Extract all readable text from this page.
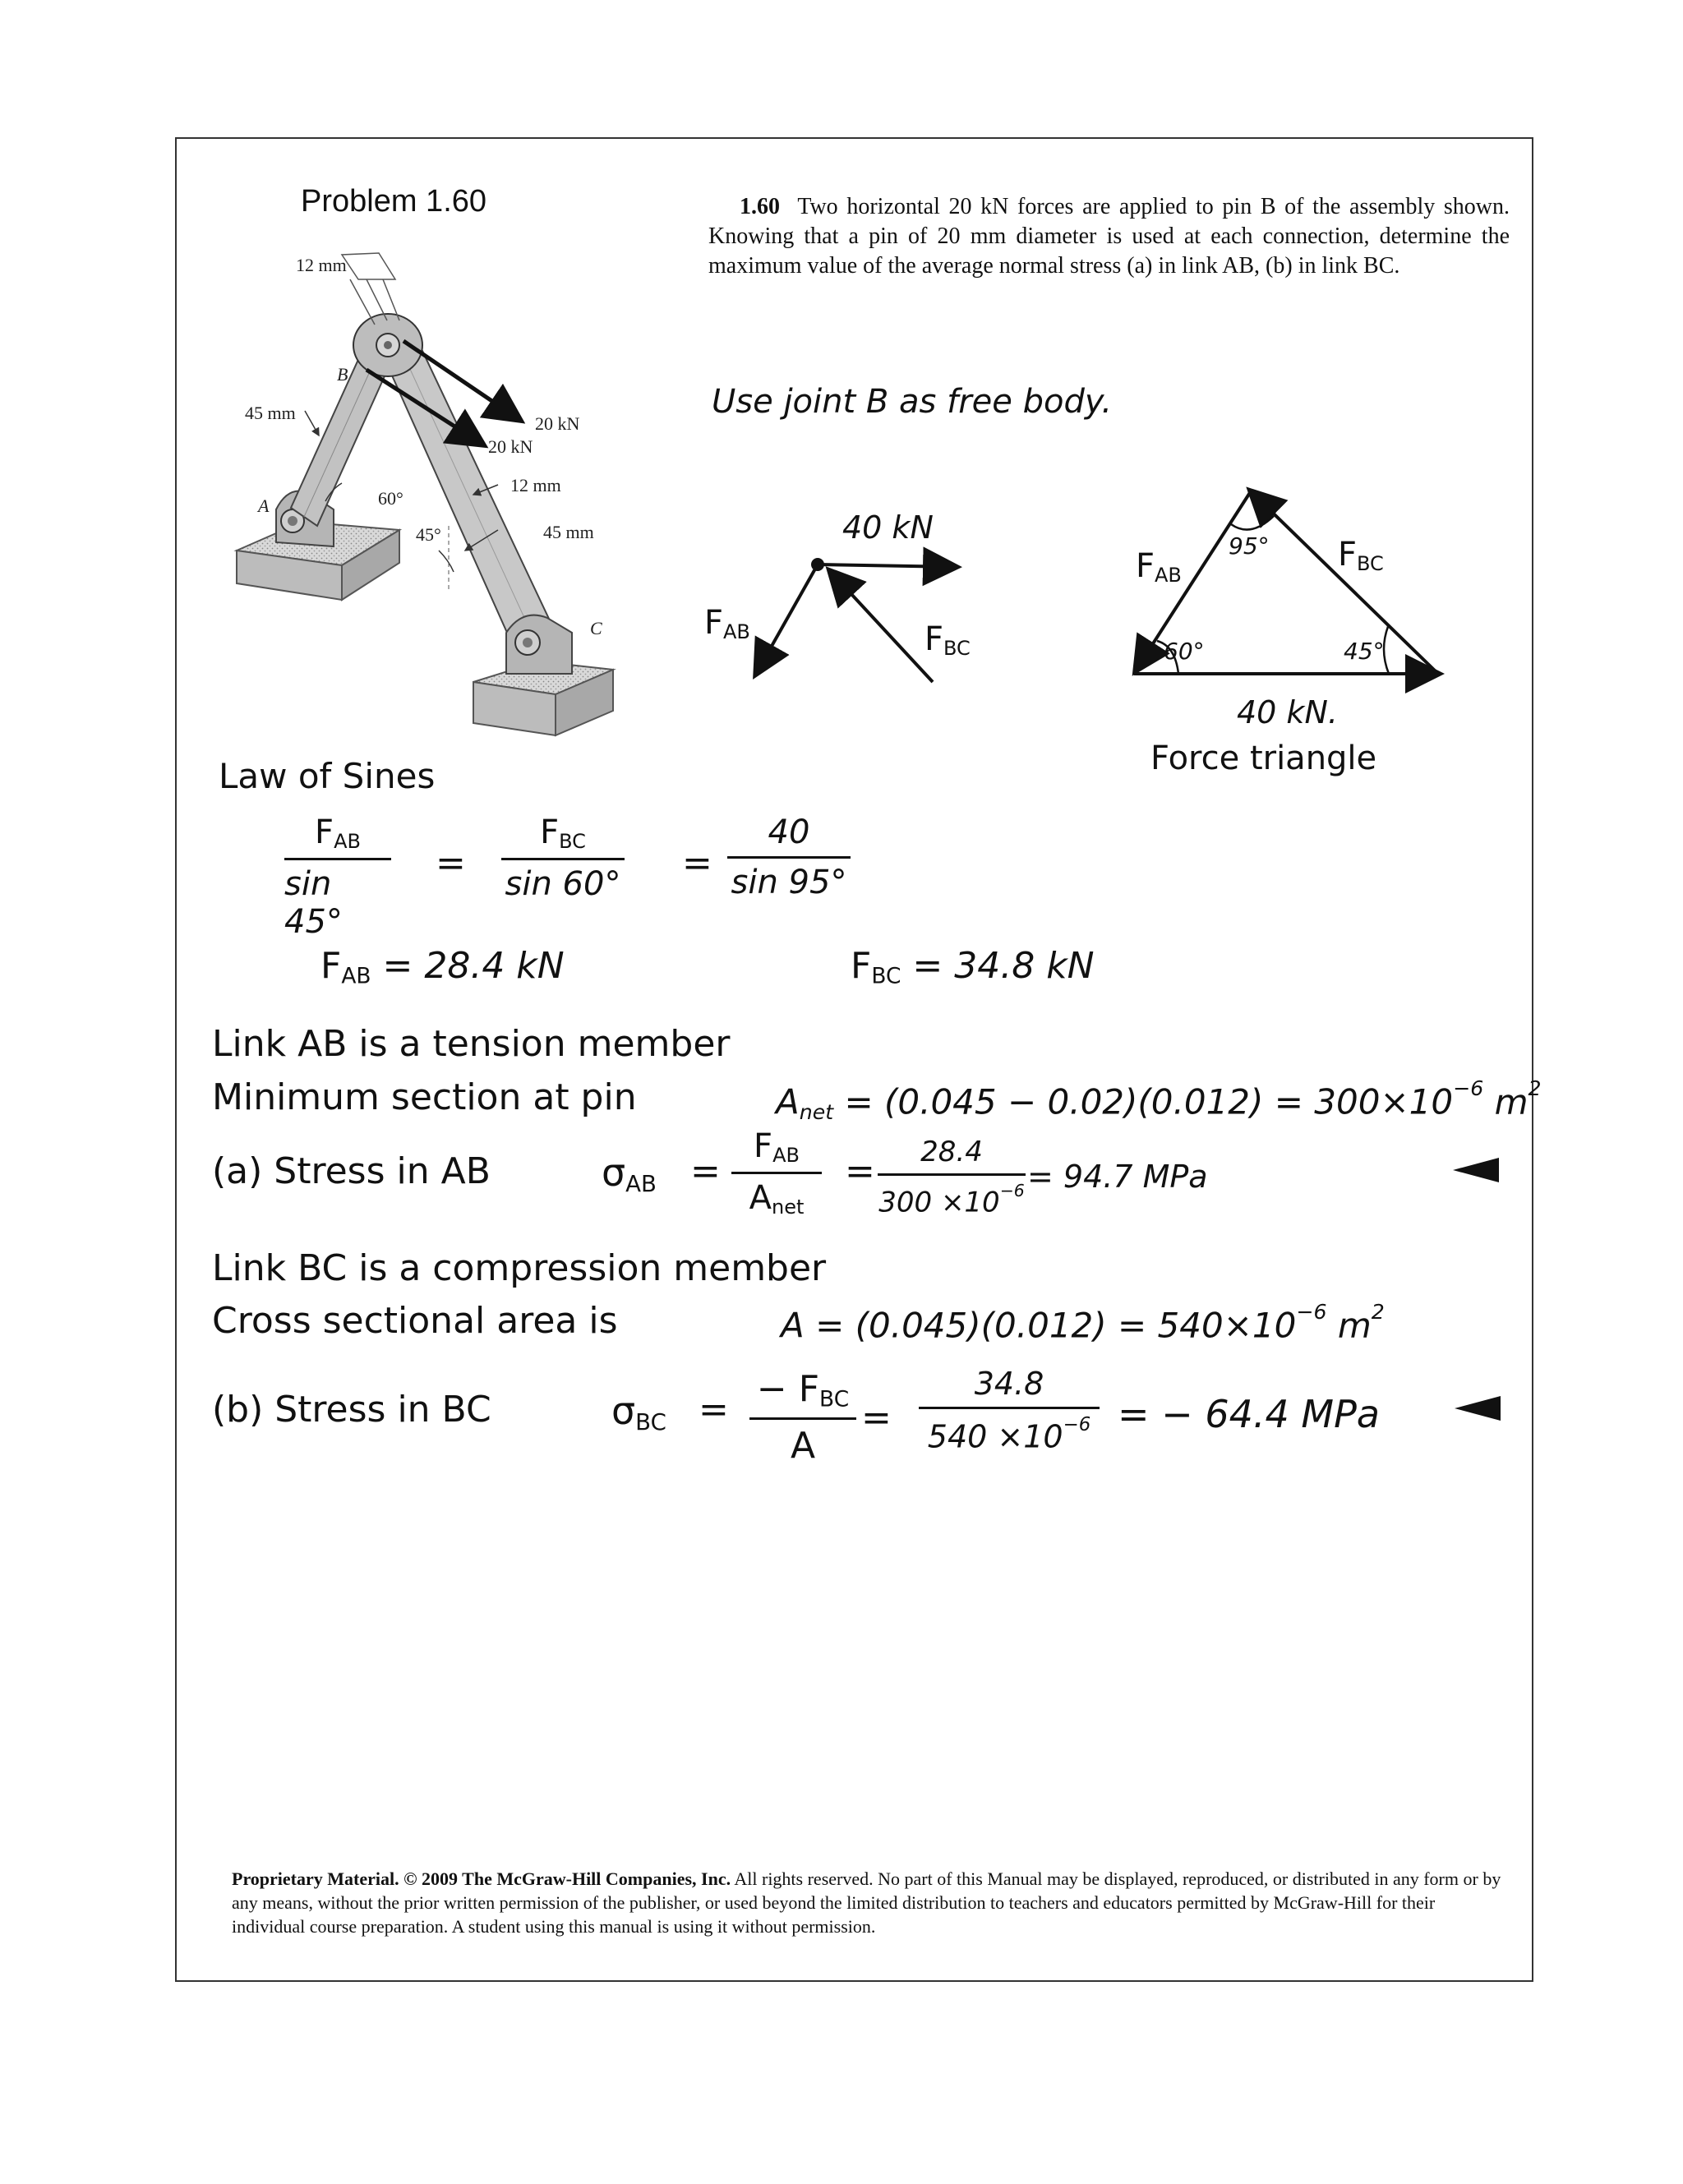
Problem 1.60	1.60 Two horizontal 20 kN forces are applied to pin B of the assembly shown. Knowing that a pin of 20 mm diameter is used at each connection, determine the maximum value of the average normal stress (a) in link AB, (b) in link BC.
12 mm
45 mm
20 kN
20 kN
12 mm
60°
45°	45 mm
A
B
C
Use joint B as free body.
40 kN
$F_{AB}$	$F_{BC}$
95°
60°	45°
$F_{AB}$
$F_{BC}$
40 kN.
Force triangle
Law of Sines
$F_{AB}$
sin 45°
=
$F_{BC}$
sin 60° =
40
sin 95°
$F_{AB} = 28.4$ kN	$F_{BC} = 34.8$ kN
Link AB is a tension member
Minimum section at pin	$A_{net} = (0.045 - 0.02)(0.012) = 300\times 10^{-6}$ $m^2$
(a) Stress in AB	$\sigma_{AB}$ =
$F_{AB}$
$A_{net}$
= 28.4
$300 \times 10^{-6} = 94.7$ MPa
Link BC is a compression member
Cross sectional area is	$A = (0.045)(0.012) = 540\times 10^{-6}$ $m^2$
(b) Stress in BC	$\sigma_{BC}$ = − $F_{BC}$
A
=
34.8
$540 \times 10^{-6}$ = − 64.4 MPa
Proprietary Material. © 2009 The McGraw-Hill Companies, Inc. All rights reserved. No part of this Manual may be displayed, reproduced, or distributed in any form or by any means, without the prior written permission of the publisher, or used beyond the limited distribution to teachers and educators permitted by McGraw-Hill for their individual course preparation. A student using this manual is using it without permission.
